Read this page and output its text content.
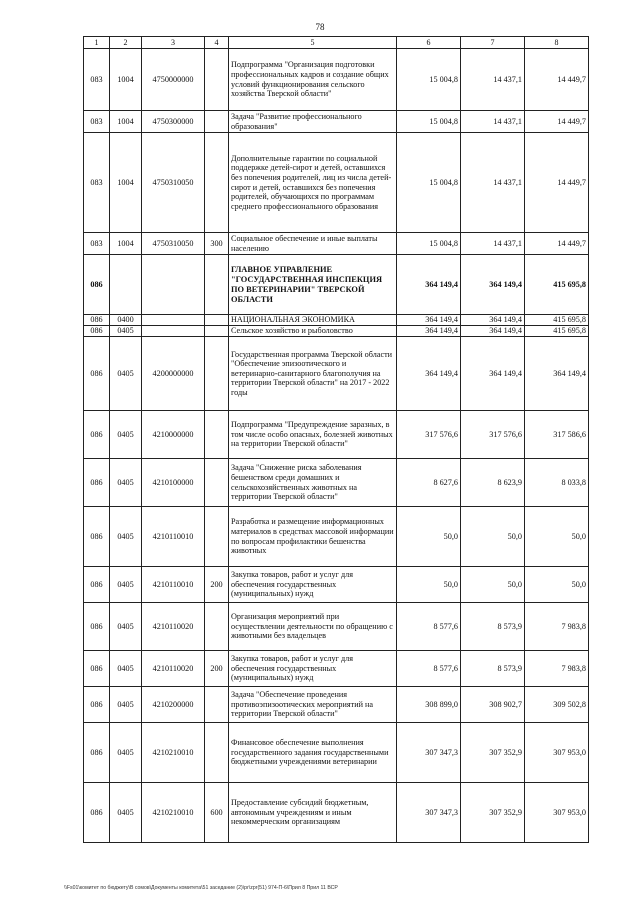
78
1	2	3	4	5	6	7	8
083	1004	4750000000		Подпрограмма "Организация подготовки профессиональных кадров и создание общих условий функционирования сельского хозяйства Тверской области"	15 004,8	14 437,1	14 449,7
083	1004	4750300000		Задача "Развитие профессионального образования"	15 004,8	14 437,1	14 449,7
083	1004	4750310050		Дополнительные гарантии по социальной поддержке детей-сирот и детей, оставшихся без попечения родителей, лиц из числа детей-сирот и детей, оставшихся без попечения родителей, обучающихся по программам среднего профессионального образования	15 004,8	14 437,1	14 449,7
083	1004	4750310050	300	Социальное обеспечение и иные выплаты населению	15 004,8	14 437,1	14 449,7
086				ГЛАВНОЕ УПРАВЛЕНИЕ "ГОСУДАРСТВЕННАЯ ИНСПЕКЦИЯ ПО ВЕТЕРИНАРИИ" ТВЕРСКОЙ ОБЛАСТИ	364 149,4	364 149,4	415 695,8
086	0400			НАЦИОНАЛЬНАЯ ЭКОНОМИКА	364 149,4	364 149,4	415 695,8
086	0405			Сельское хозяйство и рыболовство	364 149,4	364 149,4	415 695,8
086	0405	4200000000		Государственная программа Тверской области "Обеспечение эпизоотического и ветеринарно-санитарного благополучия на территории Тверской области" на 2017 - 2022 годы	364 149,4	364 149,4	364 149,4
086	0405	4210000000		Подпрограмма "Предупреждение заразных, в том числе особо опасных, болезней животных на территории Тверской области"	317 576,6	317 576,6	317 586,6
086	0405	4210100000		Задача "Снижение риска заболевания бешенством среди домашних и сельскохозяйственных животных на территории Тверской области"	8 627,6	8 623,9	8 033,8
086	0405	4210110010		Разработка и размещение информационных материалов в средствах массовой информации по вопросам профилактики бешенства животных	50,0	50,0	50,0
086	0405	4210110010	200	Закупка товаров, работ и услуг для обеспечения государственных (муниципальных) нужд	50,0	50,0	50,0
086	0405	4210110020		Организация мероприятий при осуществлении деятельности по обращению с животными без владельцев	8 577,6	8 573,9	7 983,8
086	0405	4210110020	200	Закупка товаров, работ и услуг для обеспечения государственных (муниципальных) нужд	8 577,6	8 573,9	7 983,8
086	0405	4210200000		Задача "Обеспечение проведения противоэпизоотических мероприятий на территории Тверской области"	308 899,0	308 902,7	309 502,8
086	0405	4210210010		Финансовое обеспечение выполнения государственного задания государственными бюджетными учреждениями ветеринарии	307 347,3	307 352,9	307 953,0
086	0405	4210210010	600	Предоставление субсидий бюджетным, автономным учреждениям и иным некоммерческим организациям	307 347,3	307 352,9	307 953,0
\\Fs01\комитет по бюджету\В сомов\Документы комитета\51 заседание (2)\pr\zpr(51) 974-П-6\Прил 8 Прил 11 ВСР
